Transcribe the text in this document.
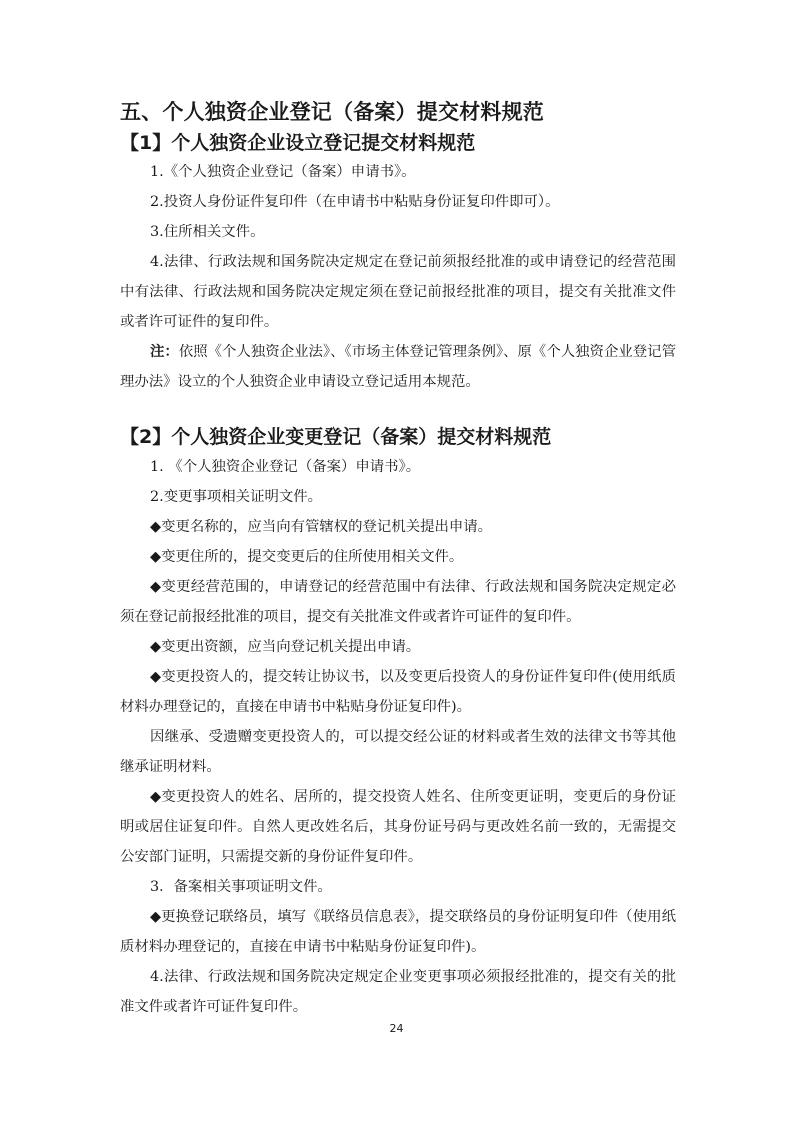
五、个人独资企业登记（备案）提交材料规范
【1】个人独资企业设立登记提交材料规范

1.《个人独资企业登记（备案）申请书》。

2.投资人身份证件复印件（在申请书中粘贴身份证复印件即可）。

3.住所相关文件。

4.法律、行政法规和国务院决定规定在登记前须报经批准的或申请登记的经营范围中有法律、行政法规和国务院决定规定须在登记前报经批准的项目，提交有关批准文件或者许可证件的复印件。

注：依照《个人独资企业法》、《市场主体登记管理条例》、原《个人独资企业登记管理办法》设立的个人独资企业申请设立登记适用本规范。

【2】个人独资企业变更登记（备案）提交材料规范

1. 《个人独资企业登记（备案）申请书》。

2.变更事项相关证明文件。

◆变更名称的，应当向有管辖权的登记机关提出申请。

◆变更住所的，提交变更后的住所使用相关文件。

◆变更经营范围的，申请登记的经营范围中有法律、行政法规和国务院决定规定必须在登记前报经批准的项目，提交有关批准文件或者许可证件的复印件。

◆变更出资额，应当向登记机关提出申请。

◆变更投资人的，提交转让协议书，以及变更后投资人的身份证件复印件(使用纸质材料办理登记的，直接在申请书中粘贴身份证复印件)。

因继承、受遗赠变更投资人的，可以提交经公证的材料或者生效的法律文书等其他继承证明材料。

◆变更投资人的姓名、居所的，提交投资人姓名、住所变更证明，变更后的身份证明或居住证复印件。自然人更改姓名后，其身份证号码与更改姓名前一致的，无需提交公安部门证明，只需提交新的身份证件复印件。

3．备案相关事项证明文件。

◆更换登记联络员，填写《联络员信息表》，提交联络员的身份证明复印件（使用纸质材料办理登记的，直接在申请书中粘贴身份证复印件)。

4.法律、行政法规和国务院决定规定企业变更事项必须报经批准的，提交有关的批准文件或者许可证件复印件。

24
